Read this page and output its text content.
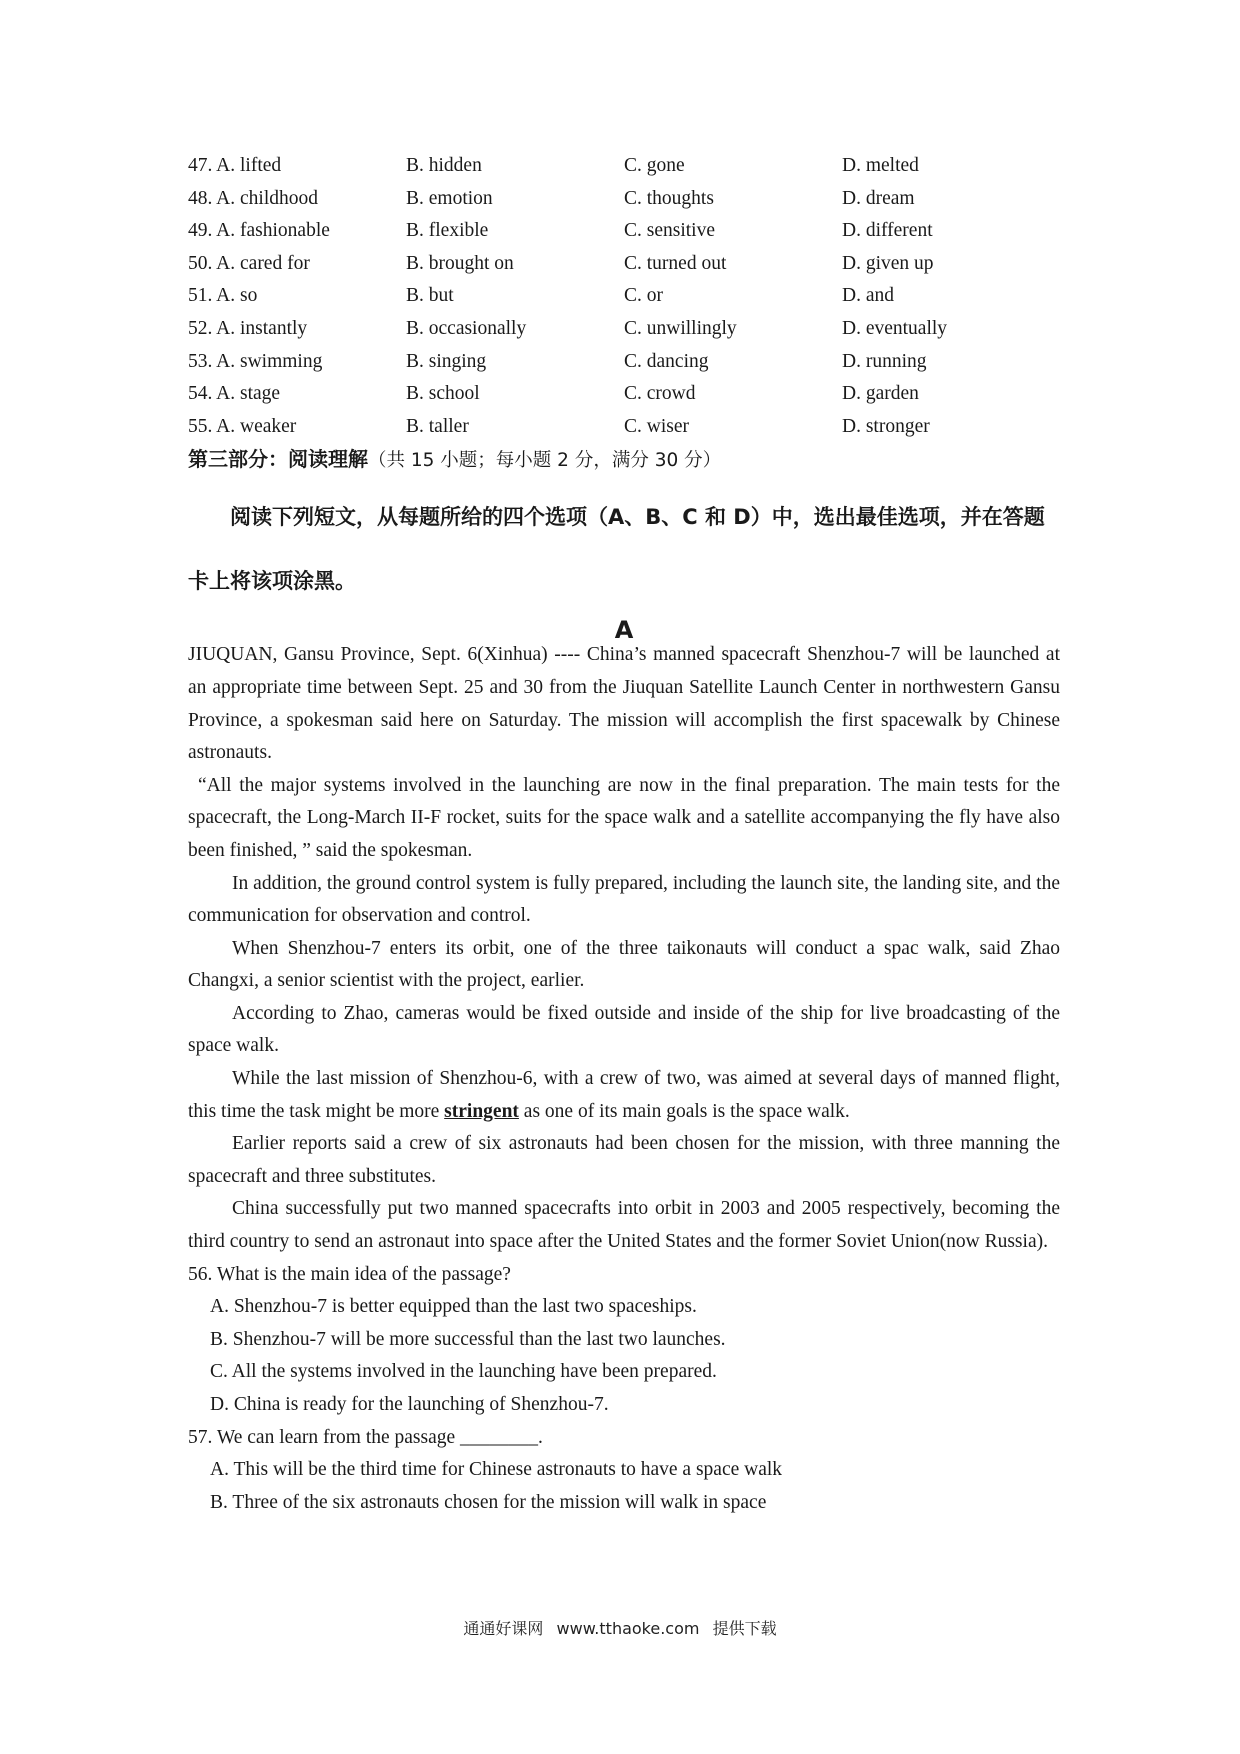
47. A. lifted	B. hidden	C. gone	D. melted
48. A. childhood	B. emotion	C. thoughts	D. dream
49. A. fashionable	B. flexible	C. sensitive	D. different
50. A. cared for	B. brought on	C. turned out	D. given up
51. A. so	B. but	C. or	D. and
52. A. instantly	B. occasionally	C. unwillingly	D. eventually
53. A. swimming	B. singing	C. dancing	D. running
54. A. stage	B. school	C. crowd	D. garden
55. A. weaker	B. taller	C. wiser	D. stronger
第三部分：阅读理解（共 15 小题；每小题 2 分，满分 30 分）

阅读下列短文，从每题所给的四个选项（A、B、C 和 D）中，选出最佳选项，并在答题卡上将该项涂黑。

A

JIUQUAN, Gansu Province, Sept. 6(Xinhua) ---- China’s manned spacecraft Shenzhou-7 will be launched at an appropriate time between Sept. 25 and 30 from the Jiuquan Satellite Launch Center in northwestern Gansu Province, a spokesman said here on Saturday. The mission will accomplish the first spacewalk by Chinese astronauts.

“All the major systems involved in the launching are now in the final preparation. The main tests for the spacecraft, the Long-March II-F rocket, suits for the space walk and a satellite accompanying the fly have also been finished, ” said the spokesman.

In addition, the ground control system is fully prepared, including the launch site, the landing site, and the communication for observation and control.

When Shenzhou-7 enters its orbit, one of the three taikonauts will conduct a spac walk, said Zhao Changxi, a senior scientist with the project, earlier.

According to Zhao, cameras would be fixed outside and inside of the ship for live broadcasting of the space walk.

While the last mission of Shenzhou-6, with a crew of two, was aimed at several days of manned flight, this time the task might be more stringent as one of its main goals is the space walk.

Earlier reports said a crew of six astronauts had been chosen for the mission, with three manning the spacecraft and three substitutes.

China successfully put two manned spacecrafts into orbit in 2003 and 2005 respectively, becoming the third country to send an astronaut into space after the United States and the former Soviet Union(now Russia).

56. What is the main idea of the passage?

A. Shenzhou-7 is better equipped than the last two spaceships.

B. Shenzhou-7 will be more successful than the last two launches.

C. All the systems involved in the launching have been prepared.

D. China is ready for the launching of Shenzhou-7.

57. We can learn from the passage ________.

A. This will be the third time for Chinese astronauts to have a space walk

B. Three of the six astronauts chosen for the mission will walk in space

通通好课网 www.tthaoke.com 提供下载
